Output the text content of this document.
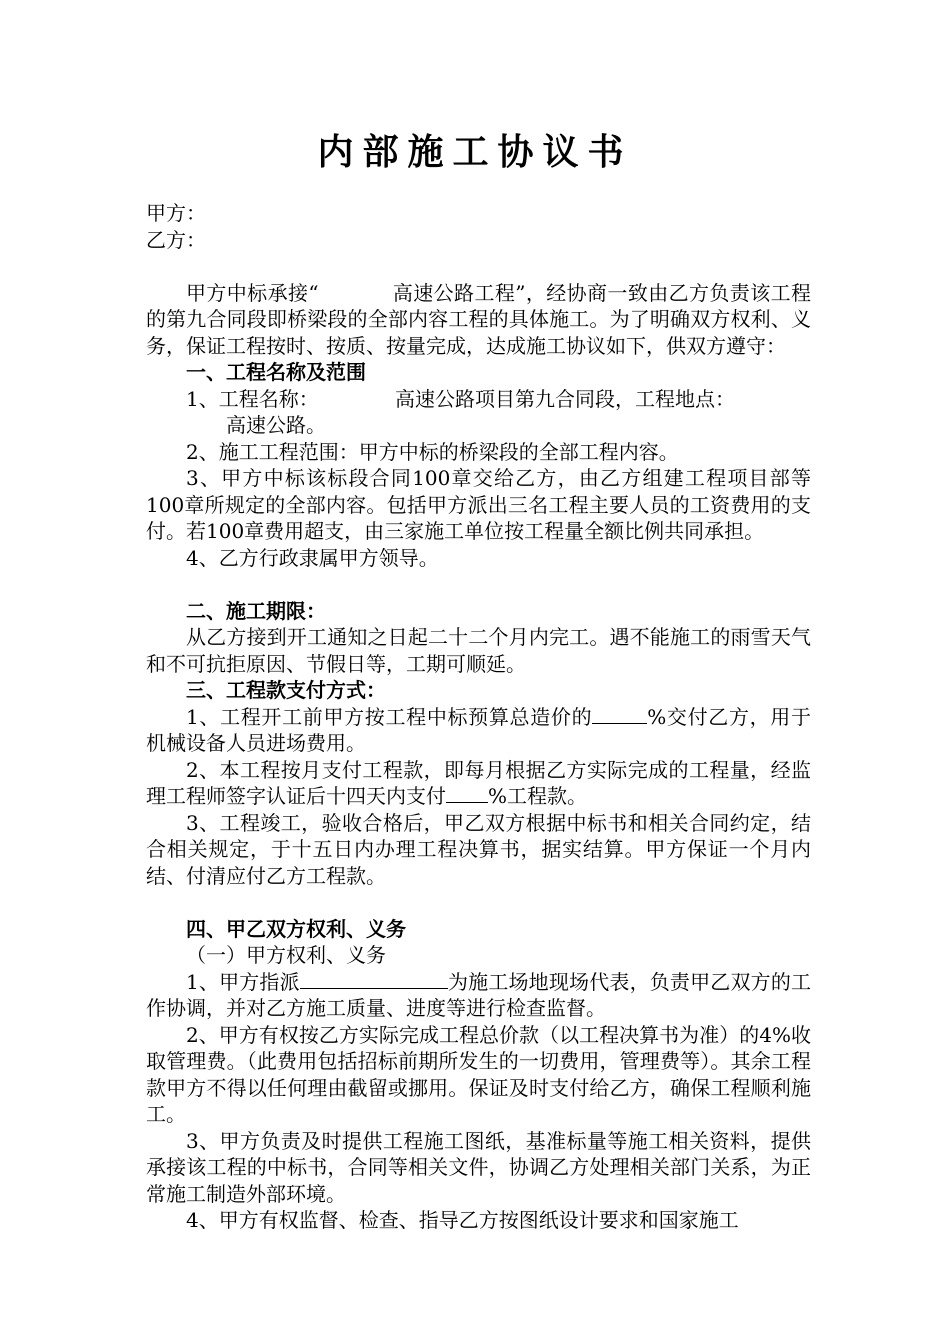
内部施工协议书

甲方：

乙方：

甲方中标承接“           高速公路工程”，经协商一致由乙方负责该工程的第九合同段即桥梁段的全部内容工程的具体施工。为了明确双方权利、义务，保证工程按时、按质、按量完成，达成施工协议如下，供双方遵守：

一、工程名称及范围

1、工程名称：            高速公路项目第九合同段，工程地点：

高速公路。

2、施工工程范围：甲方中标的桥梁段的全部工程内容。

3、甲方中标该标段合同100章交给乙方，由乙方组建工程项目部等100章所规定的全部内容。包括甲方派出三名工程主要人员的工资费用的支付。若100章费用超支，由三家施工单位按工程量全额比例共同承担。

4、乙方行政隶属甲方领导。

二、施工期限：

从乙方接到开工通知之日起二十二个月内完工。遇不能施工的雨雪天气和不可抗拒原因、节假日等，工期可顺延。

三、工程款支付方式：

1、工程开工前甲方按工程中标预算总造价的	%交付乙方，用于机械设备人员进场费用。

2、本工程按月支付工程款，即每月根据乙方实际完成的工程量，经监理工程师签字认证后十四天内支付 %工程款。

3、工程竣工，验收合格后，甲乙双方根据中标书和相关合同约定，结合相关规定，于十五日内办理工程决算书，据实结算。甲方保证一个月内结、付清应付乙方工程款。

四、甲乙双方权利、义务

（一）甲方权利、义务

1、甲方指派	为施工场地现场代表，负责甲乙双方的工作协调，并对乙方施工质量、进度等进行检查监督。

2、甲方有权按乙方实际完成工程总价款（以工程决算书为准）的4%收取管理费。（此费用包括招标前期所发生的一切费用，管理费等）。其余工程款甲方不得以任何理由截留或挪用。保证及时支付给乙方，确保工程顺利施工。

3、甲方负责及时提供工程施工图纸，基准标量等施工相关资料，提供承接该工程的中标书，合同等相关文件，协调乙方处理相关部门关系，为正常施工制造外部环境。

4、甲方有权监督、检查、指导乙方按图纸设计要求和国家施工
